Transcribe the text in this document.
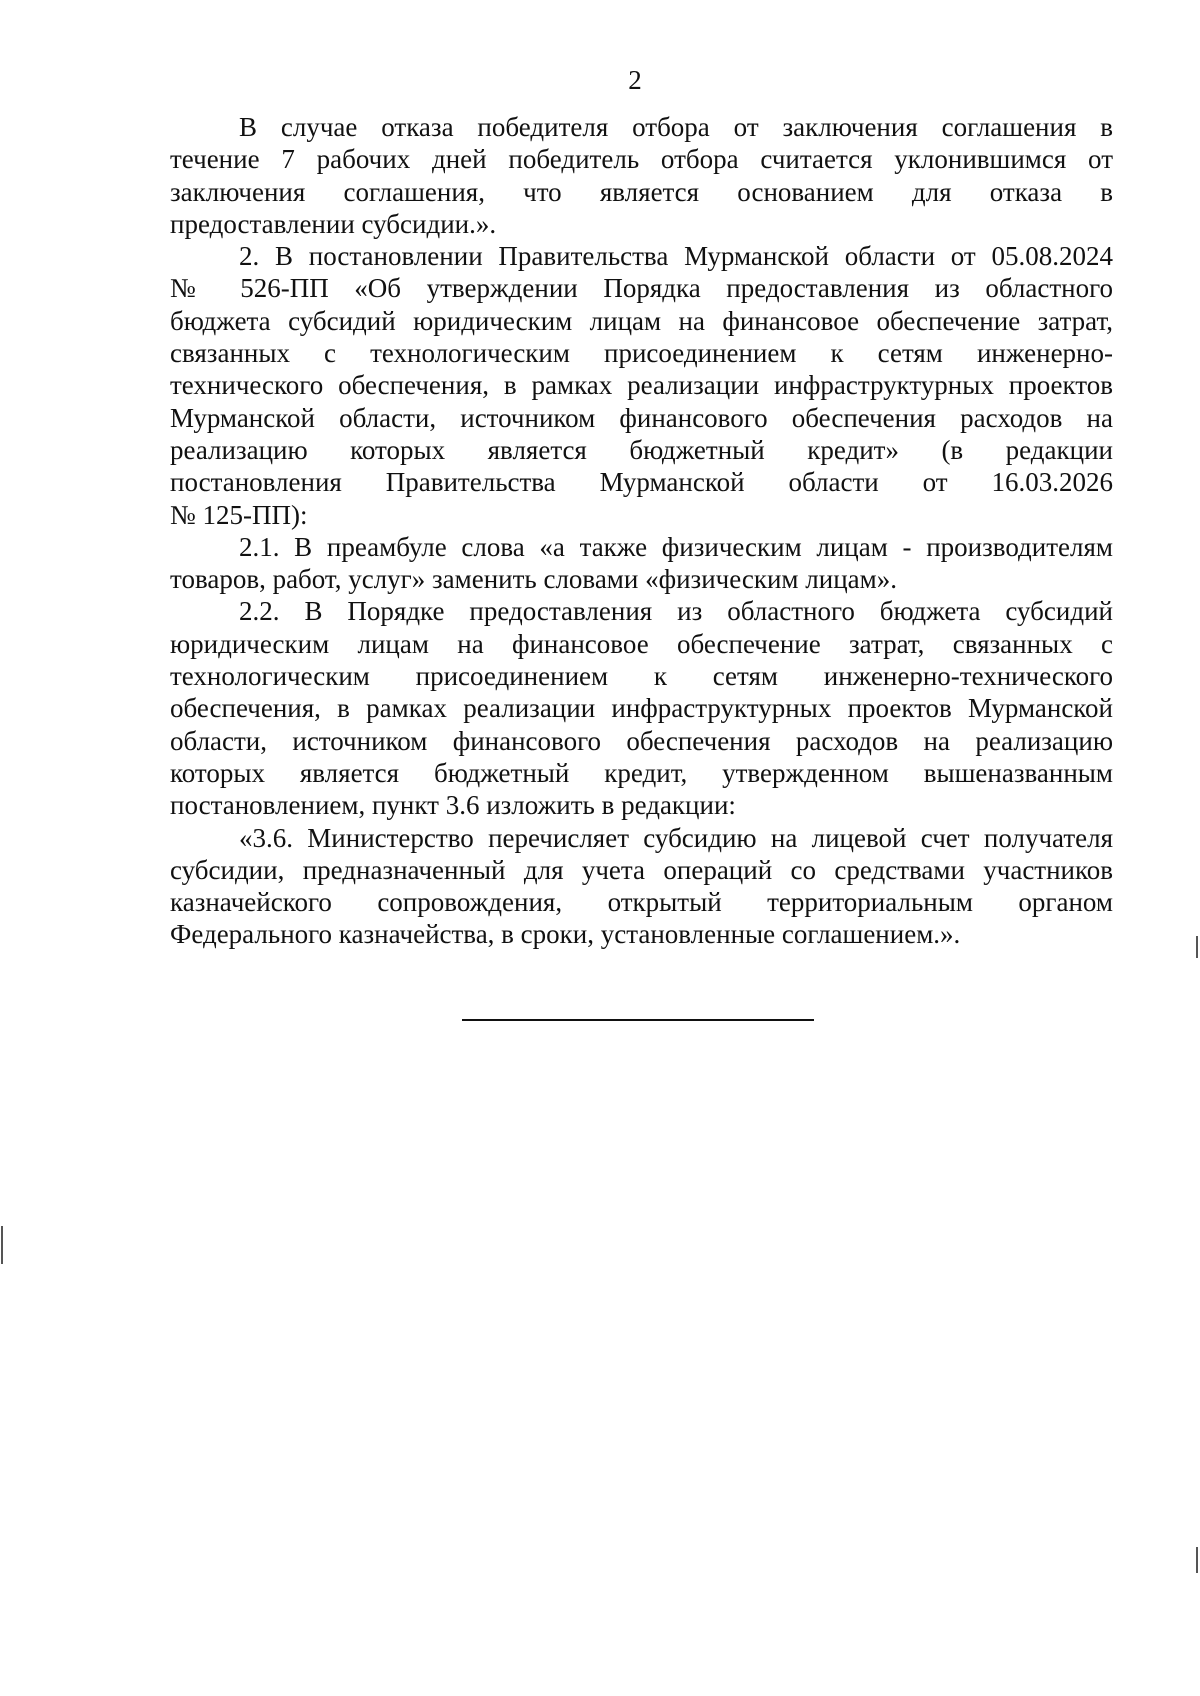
2

В случае отказа победителя отбора от заключения соглашения в
течение 7 рабочих дней победитель отбора считается уклонившимся от
заключения соглашения, что является основанием для отказа в
предоставлении субсидии.».

2. В постановлении Правительства Мурманской области от 05.08.2024
№ 526-ПП «Об утверждении Порядка предоставления из областного
бюджета субсидий юридическим лицам на финансовое обеспечение затрат,
связанных с технологическим присоединением к сетям инженерно-
технического обеспечения, в рамках реализации инфраструктурных проектов
Мурманской области, источником финансового обеспечения расходов на
реализацию которых является бюджетный кредит» (в редакции
постановления Правительства Мурманской области от 16.03.2026
№ 125-ПП):

2.1. В преамбуле слова «а также физическим лицам - производителям
товаров, работ, услуг» заменить словами «физическим лицам».

2.2. В Порядке предоставления из областного бюджета субсидий
юридическим лицам на финансовое обеспечение затрат, связанных с
технологическим присоединением к сетям инженерно-технического
обеспечения, в рамках реализации инфраструктурных проектов Мурманской
области, источником финансового обеспечения расходов на реализацию
которых является бюджетный кредит, утвержденном вышеназванным
постановлением, пункт 3.6 изложить в редакции:

«3.6. Министерство перечисляет субсидию на лицевой счет получателя
субсидии, предназначенный для учета операций со средствами участников
казначейского сопровождения, открытый территориальным органом
Федерального казначейства, в сроки, установленные соглашением.».
